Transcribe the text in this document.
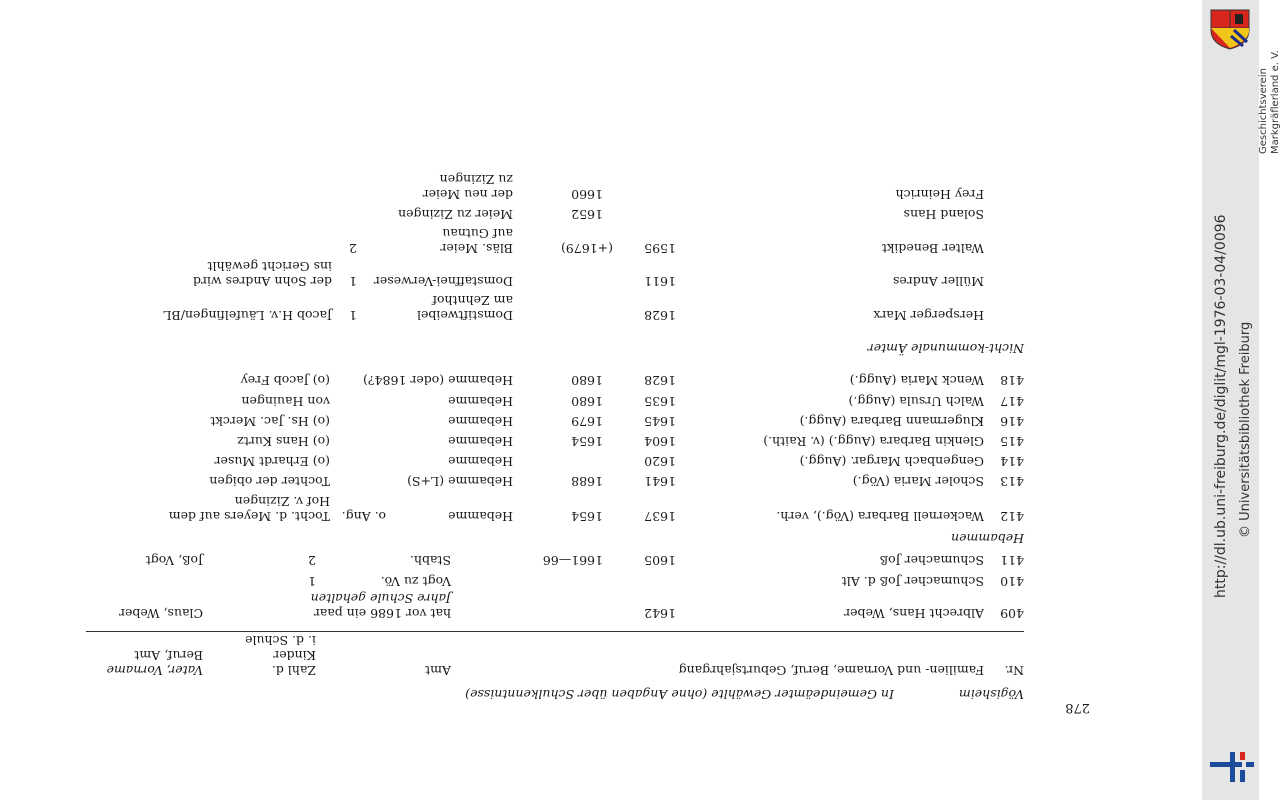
Geschichtsverein Markgräflerland e. V.
http://dl.ub.uni-freiburg.de/diglit/mgl-1976-03-04/0096 © Universitätsbibliothek Freiburg
278
Vögisheim
In Gemeindeämter Gewählte (ohne Angaben über Schulkenntnisse)
Nr.
Familien- und Vorname, Beruf, Geburtsjahrgang
Amt
Zahl d.
Kinder
i. d. Schule
Vater, Vorname
Beruf, Amt
409
Albrecht Hans, Weber
1642
hat vor 1686 ein paar
Jahre Schule gehalten
Claus, Weber
410
Schumacher Joß d. Alt
Vogt zu Vö.
1
411
Schumacher Joß
1605
1661—66
Stabh.
2
Joß, Vogt
Hebammen
412
Wackernell Barbara (Vög.), verh.
1637
1654
Hebamme
o. Ang.
Tocht. d. Meyers auf dem
Hof v. Zizingen
413
Scholer Maria (Vög.)
1641
1688
Hebamme (L+S)
Tochter der obigen
414
Gengenbach Margar. (Augg.)
1620
Hebamme
(o) Erhardt Muser
415
Glenkin Barbara (Augg.) (v. Raith.)
1604
1654
Hebamme
(o) Hans Kurtz
416
Klugermann Barbara (Augg.)
1645
1679
Hebamme
(o) Hs. Jac. Merckt
417
Walch Ursula (Augg.)
1635
1680
Hebamme
von Hauingen
418
Wenck Maria (Augg.)
1628
1680
Hebamme (oder 1684?)
(o) Jacob Frey
Nicht-kommunale Ämter
Hersperger Marx
1628
Domstiftweibel
am Zehnthof
1
Jacob H.v. Läufelfingen/BL
Müller Andres
1611
Domstaffnei-Verweser
1
der Sohn Andres wird
ins Gericht gewählt
Walter Benedikt
1595
(+1679)
Bläs. Meier
auf Gutnau
2
Soland Hans
1652
Meier zu Zizingen
Frey Heinrich
1660
der neu Meier
zu Zizingen
